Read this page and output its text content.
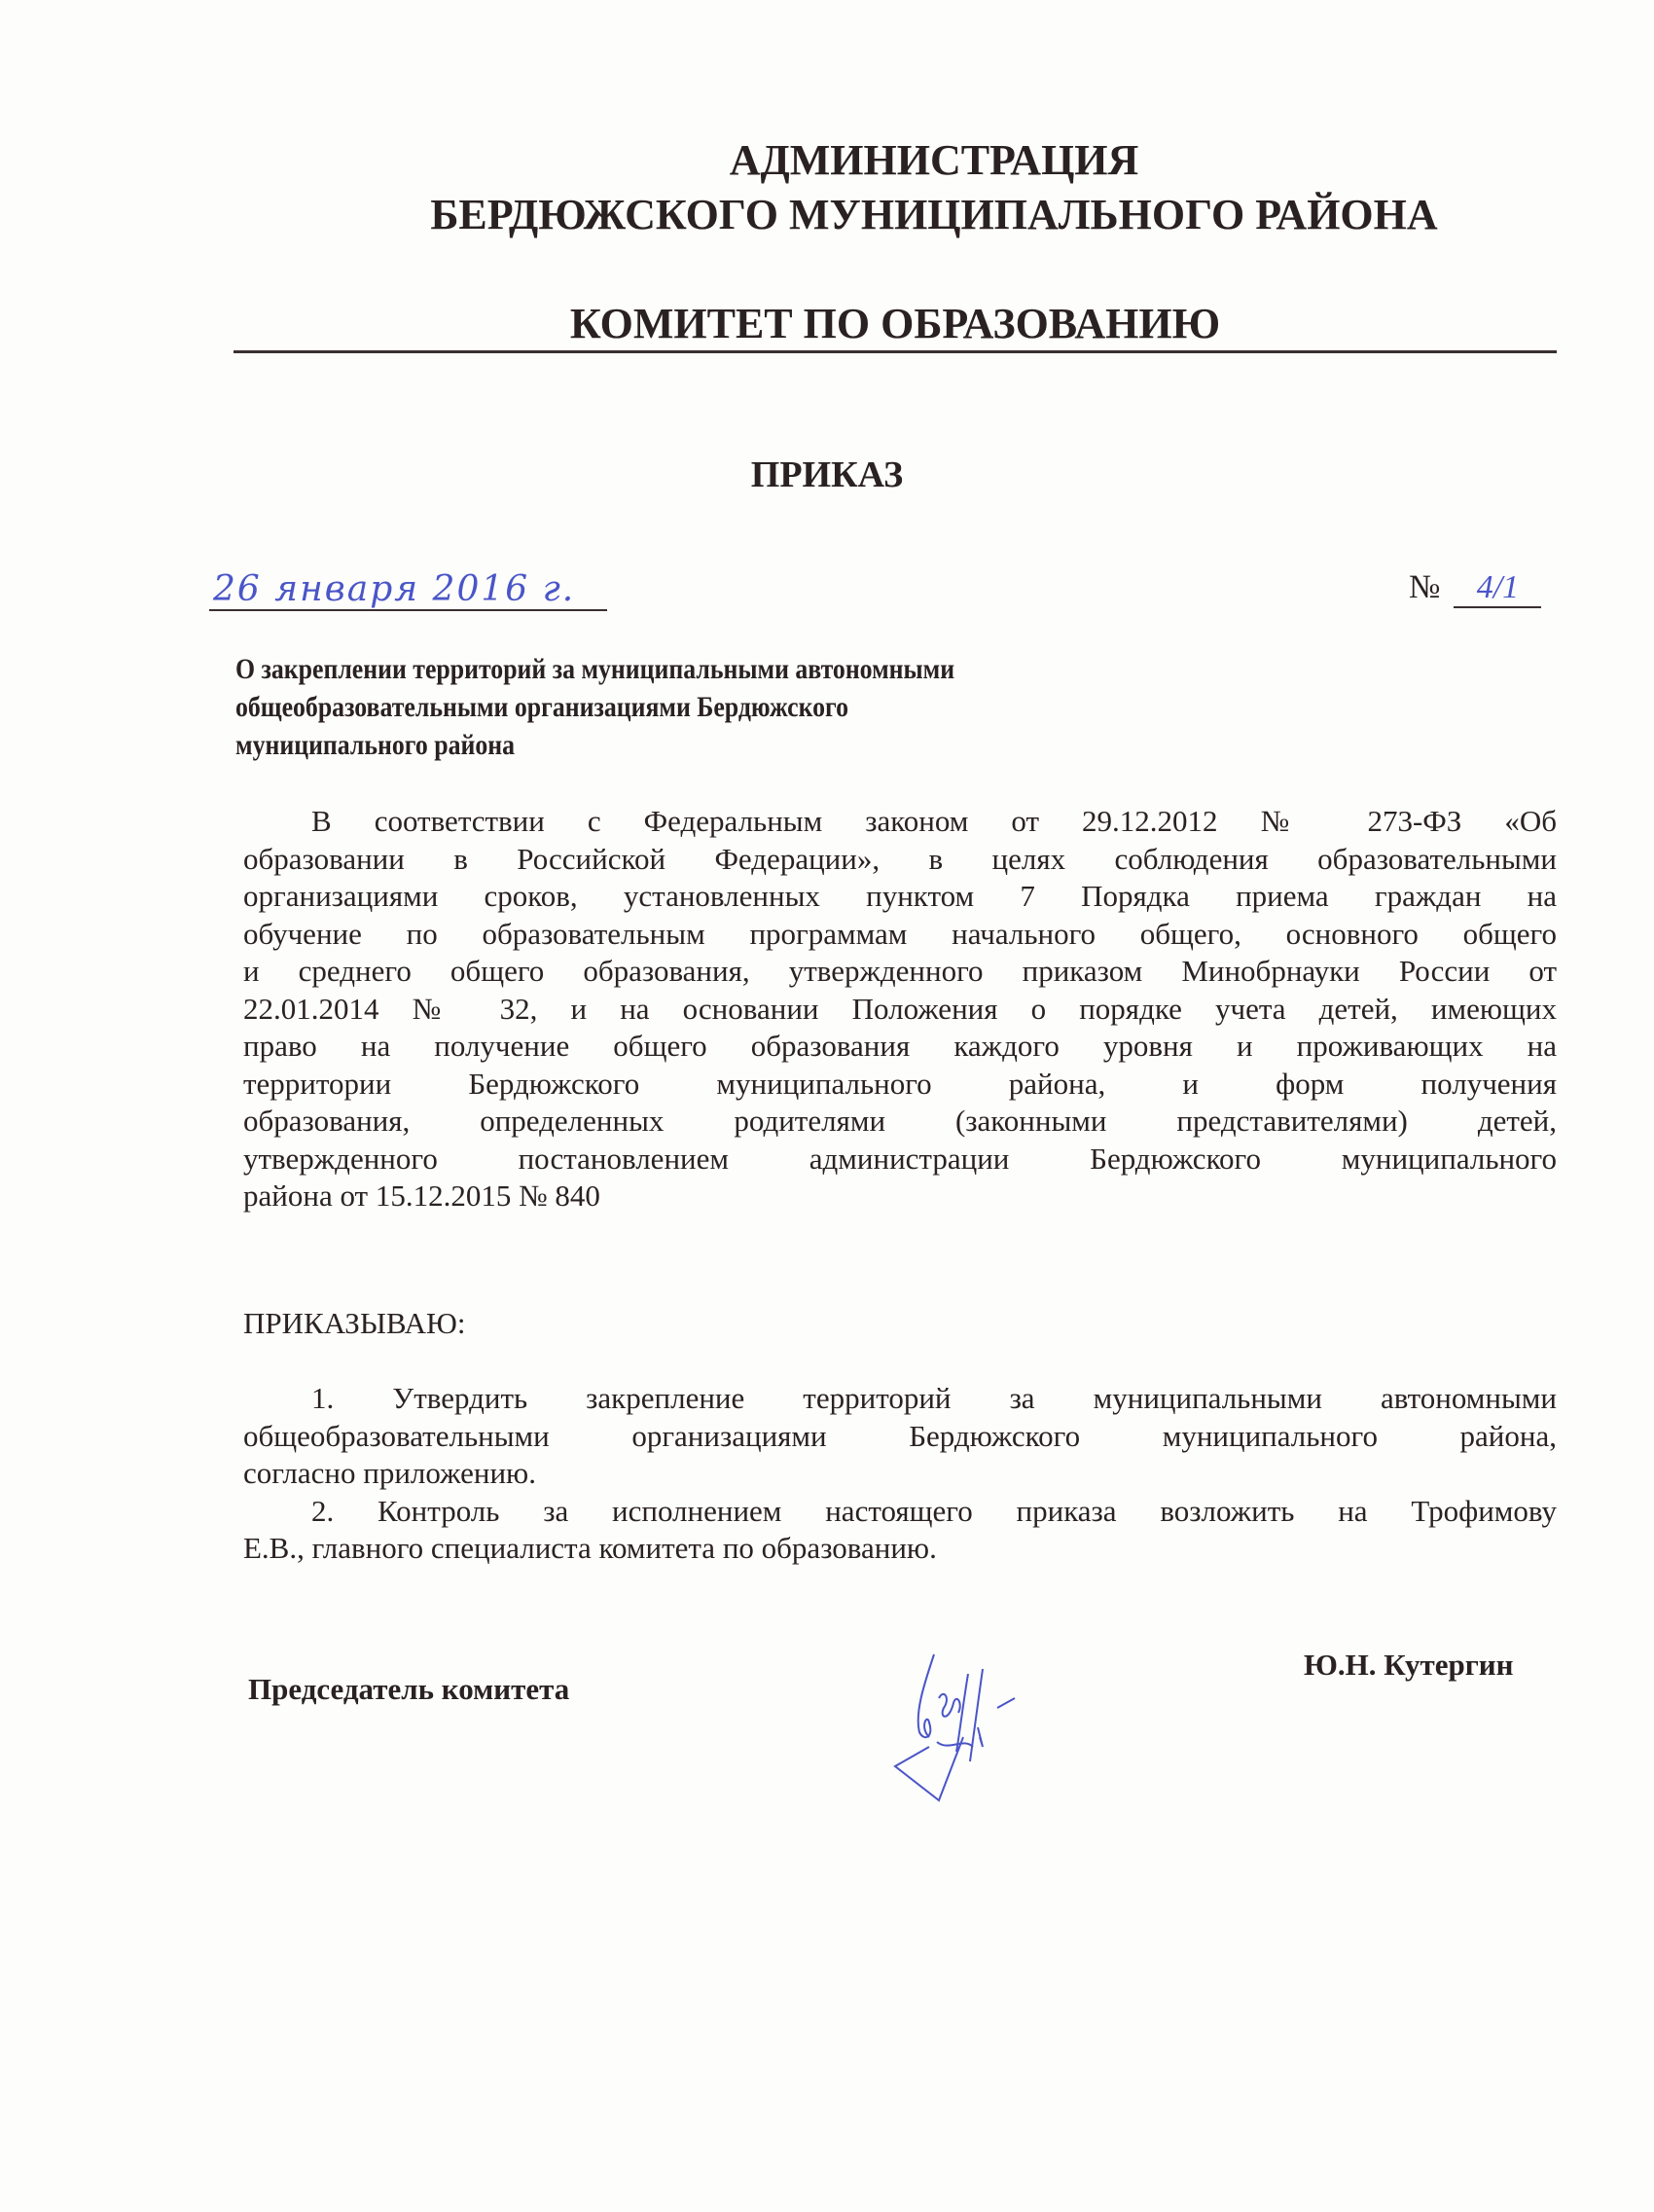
АДМИНИСТРАЦИЯ
БЕРДЮЖСКОГО МУНИЦИПАЛЬНОГО РАЙОНА
КОМИТЕТ ПО ОБРАЗОВАНИЮ
ПРИКАЗ
26 января 2016 г.	№ 4/1
О закреплении территорий за муниципальными автономными
общеобразовательными организациями Бердюжского
муниципального района
В соответствии с Федеральным законом от 29.12.2012 № 273-ФЗ «Об
образовании в Российской Федерации», в целях соблюдения образовательными
организациями сроков, установленных пунктом 7 Порядка приема граждан на
обучение по образовательным программам начального общего, основного общего
и среднего общего образования, утвержденного приказом Минобрнауки России от
22.01.2014 № 32, и на основании Положения о порядке учета детей, имеющих
право на получение общего образования каждого уровня и проживающих на
территории Бердюжского муниципального района, и форм получения
образования, определенных родителями (законными представителями) детей,
утвержденного постановлением администрации Бердюжского муниципального
района от 15.12.2015 № 840
ПРИКАЗЫВАЮ:
1. Утвердить закрепление территорий за муниципальными автономными
общеобразовательными организациями Бердюжского муниципального района,
согласно приложению.
2. Контроль за исполнением настоящего приказа возложить на Трофимову
Е.В., главного специалиста комитета по образованию.
Председатель комитета
Ю.Н. Кутергин
